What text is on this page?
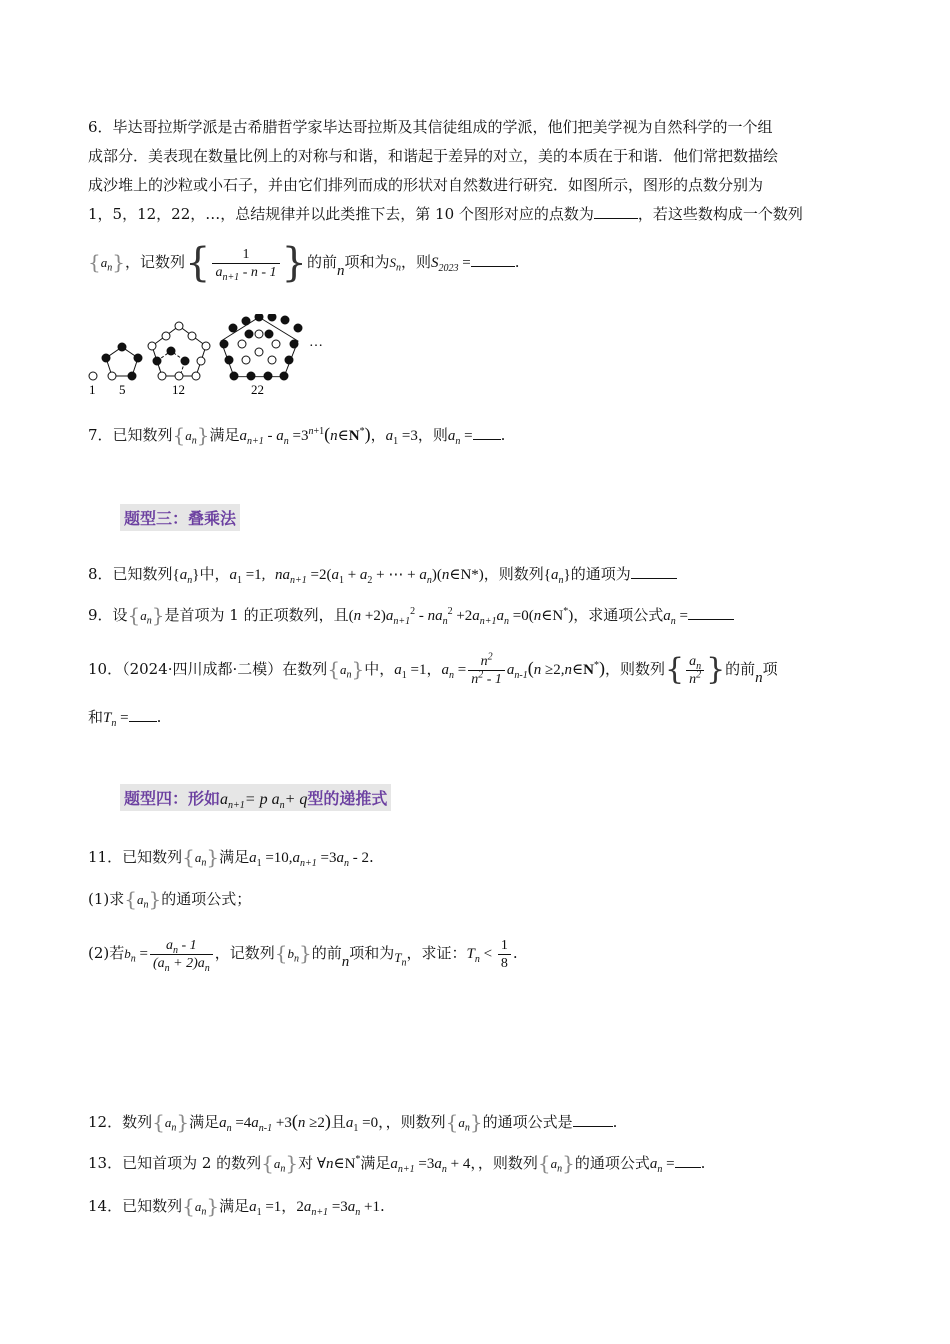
6．毕达哥拉斯学派是古希腊哲学家毕达哥拉斯及其信徒组成的学派，他们把美学视为自然科学的一个组
成部分．美表现在数量比例上的对称与和谐，和谐起于差异的对立，美的本质在于和谐．他们常把数描绘
成沙堆上的沙粒或小石子，并由它们排列而成的形状对自然数进行研究．如图所示，图形的点数分别为
1，5，12，22，…，总结规律并以此类推下去，第 10 个图形对应的点数为	，若这些数构成一个数列
$\{a_n\}$，记数列{ $\frac{1}{a_{n+1} - n - 1}$ }的前n项和为$S_n$，则$S_{2023}$ =	.
…
1 5	12	22
7．已知数列$\{a_n\}$满足$a_{n+1} - a_n$ $=3^{n+1}(n\in N^*)$，$a_1 =3$，则$a_n$ = .
题型三：叠乘法
8．已知数列$\{a_n\}$中，$a_1 =1$, $na_{n+1} =2(a_1 + a_2$ + ⋯ + $a_n)(n\in N*)$，则数列$\{a_n\}$的通项为
9．设$\{a_n\}$是首项为 1 的正项数列，且$(n +2)a_{n+1}^2 - na_n^2 +2a_{n+1}a_n$ =0(n∈N*)，求通项公式$a_n$ =
10．（2024·四川成都·二模）在数列$\{a_n\}$中，$a_1 =1$，$a_n = \frac{n^2}{n^2 - 1} a_{n-1}(n$ ≥2,n∈N*)，则数列{ $\frac{a_n}{n^2}$ }的前n项
和$T_n$ = .
题型四：形如$a_{n+1}= p$ $a_n+ q$型的递推式
11．已知数列$\{a_n\}$满足$a_1 =10,a_{n+1} =3a_n - 2$.
(1)求$\{a_n\}$的通项公式；
(2)若$b_n = \frac{a_n - 1}{(a_n + 2)a_n}$ ，记数列$\{b_n\}$的前n项和为$T_n$，求证：$T_n < \frac{1}{8}$ .
12．数列$\{a_n\}$满足$a_n =4a_{n-1} +3(n \ge 2)$且$a_1 =0$，，则数列$\{a_n\}$的通项公式是	.
13．已知首项为 2 的数列$\{a_n\}$对 ∀n∈N*满足$a_{n+1} =3a_n + 4$，，则数列$\{a_n\}$的通项公式$a_n$ = .
14．已知数列$\{a_n\}$满足$a_1 =1$，$2a_{n+1} =3a_n +1$.
